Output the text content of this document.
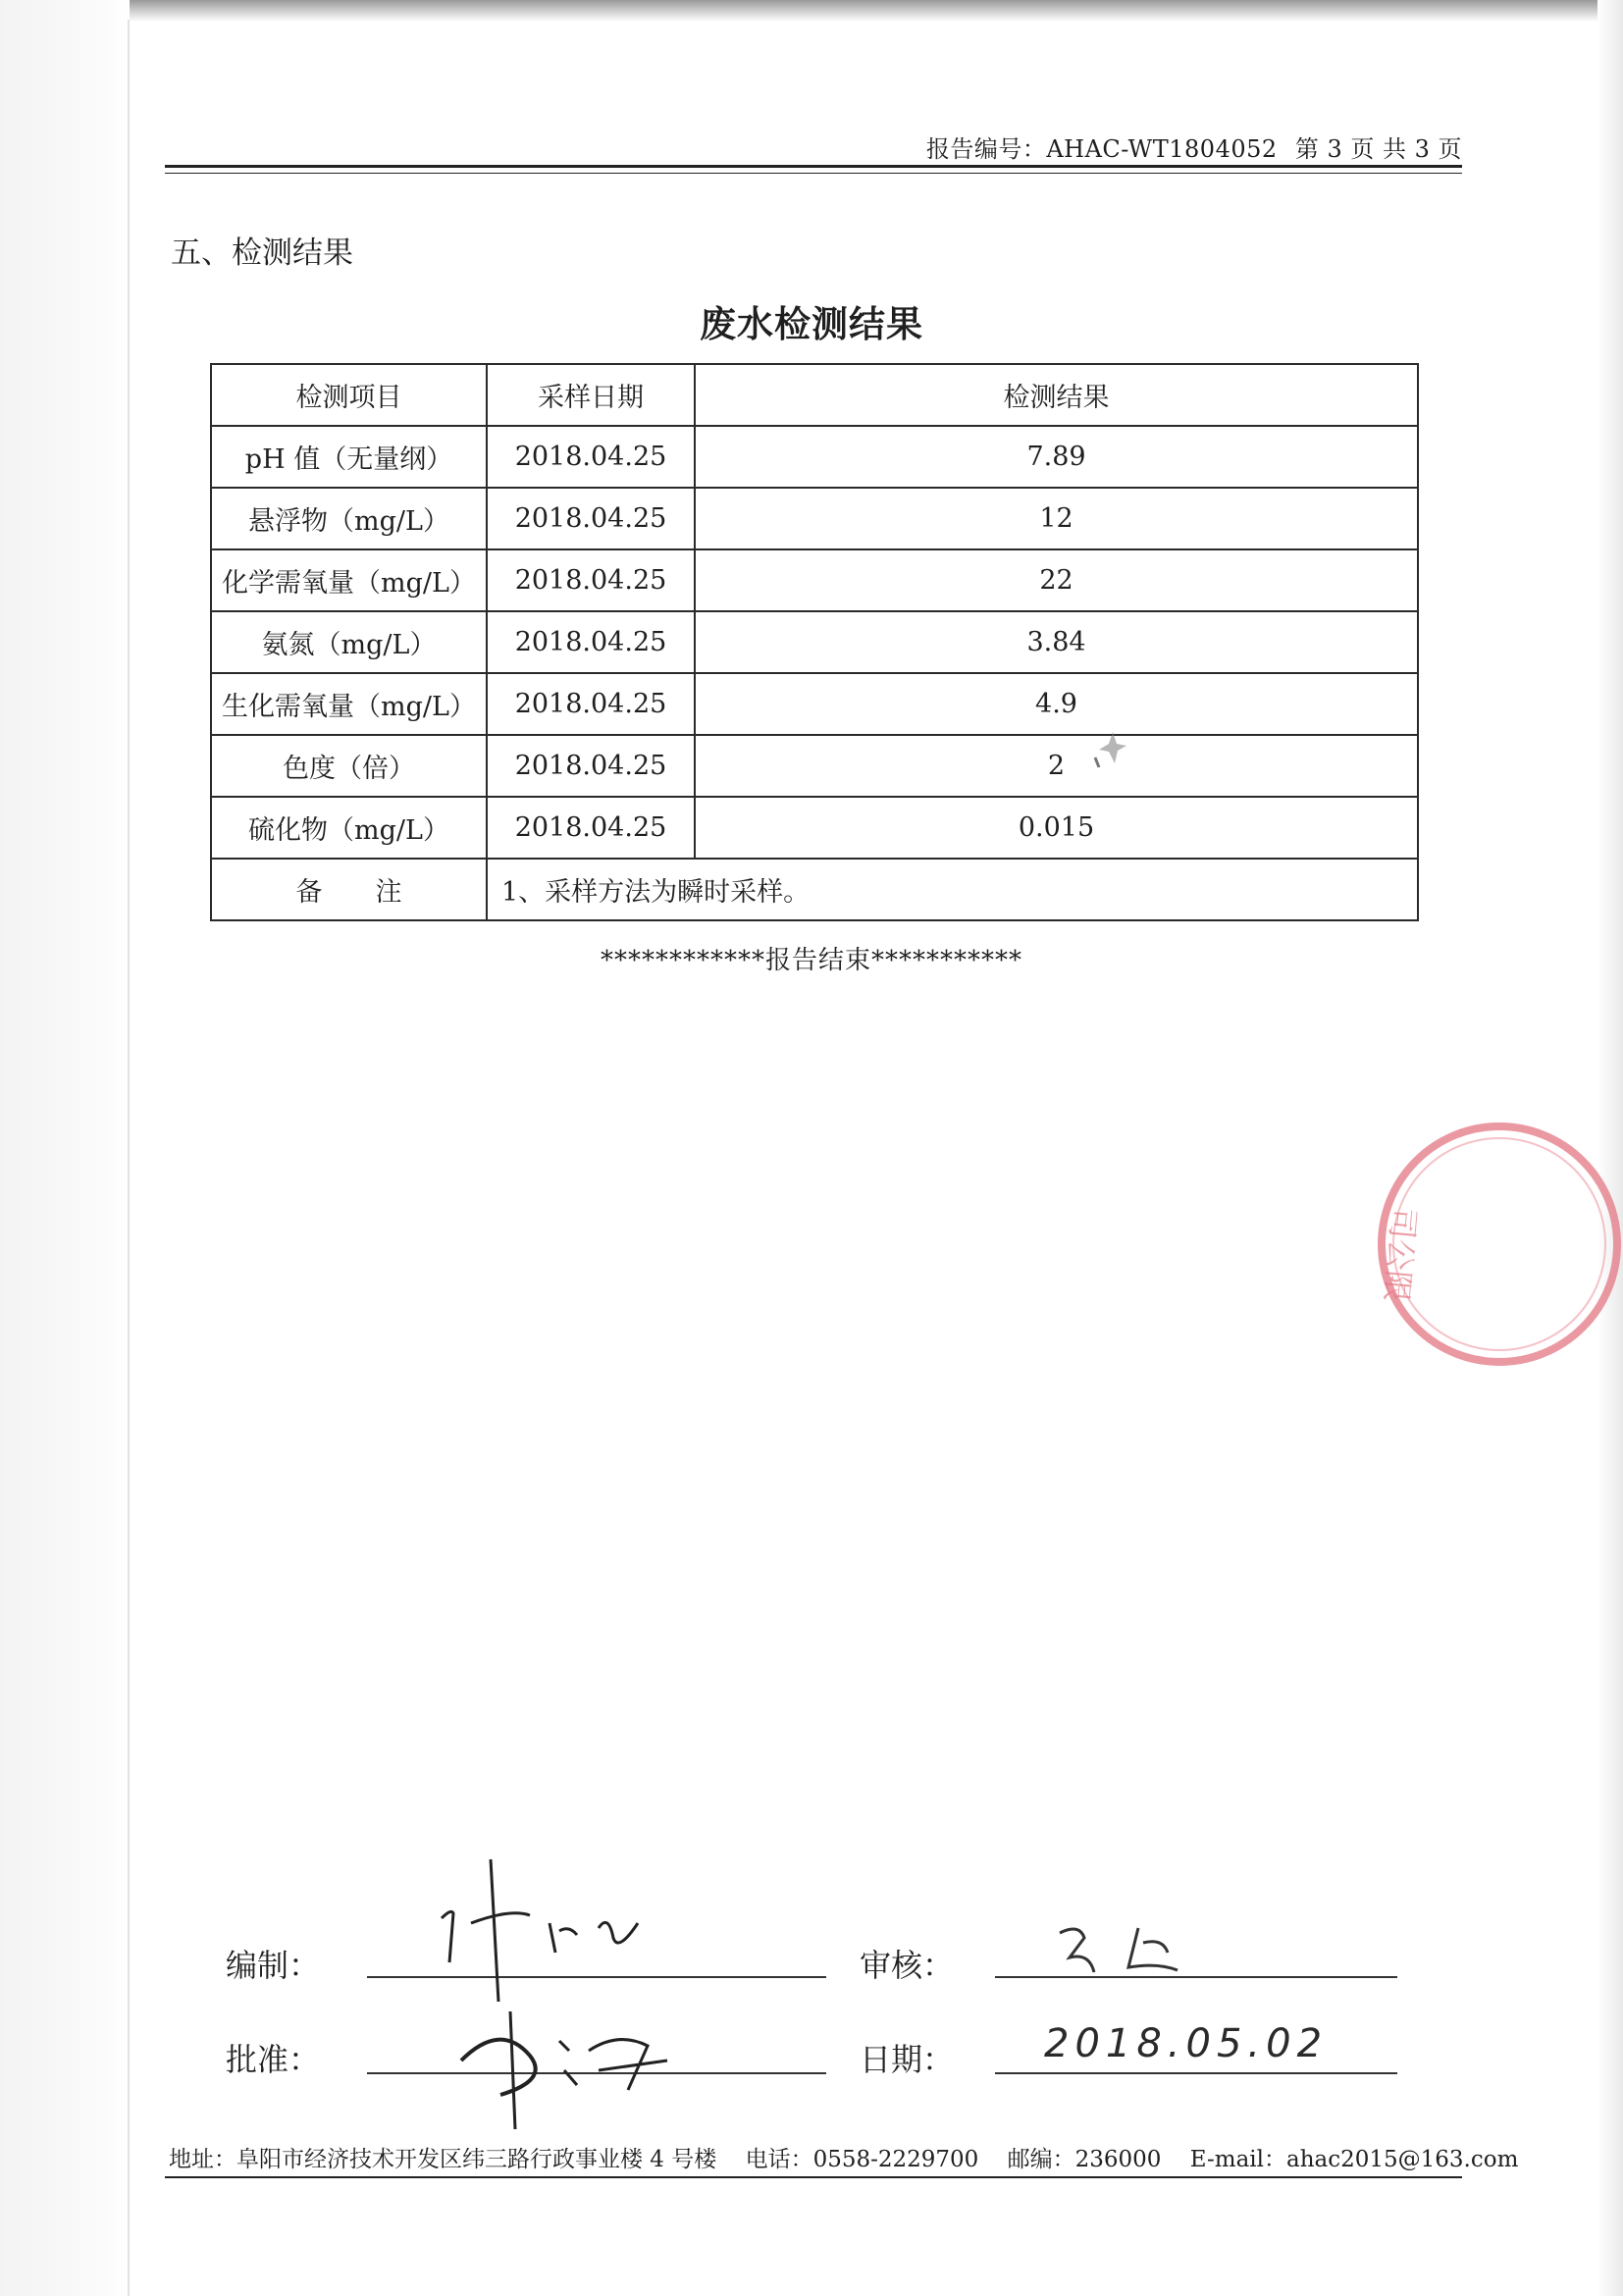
报告编号：AHAC-WT1804052 第 3 页 共 3 页
五、检测结果
废水检测结果
检测项目	采样日期	检测结果
pH 值（无量纲）	2018.04.25	7.89
悬浮物（mg/L）	2018.04.25	12
化学需氧量（mg/L）	2018.04.25	22
氨氮（mg/L）	2018.04.25	3.84
生化需氧量（mg/L）	2018.04.25	4.9
色度（倍）	2018.04.25	2
硫化物（mg/L）	2018.04.25	0.015
备　　注	1、采样方法为瞬时采样。	
************报告结束***********
司公限
编制：	审核：
批准：	日期： 2018.05.02
地址：阜阳市经济技术开发区纬三路行政事业楼 4 号楼 电话：0558-2229700 邮编：236000 E-mail：ahac2015@163.com
